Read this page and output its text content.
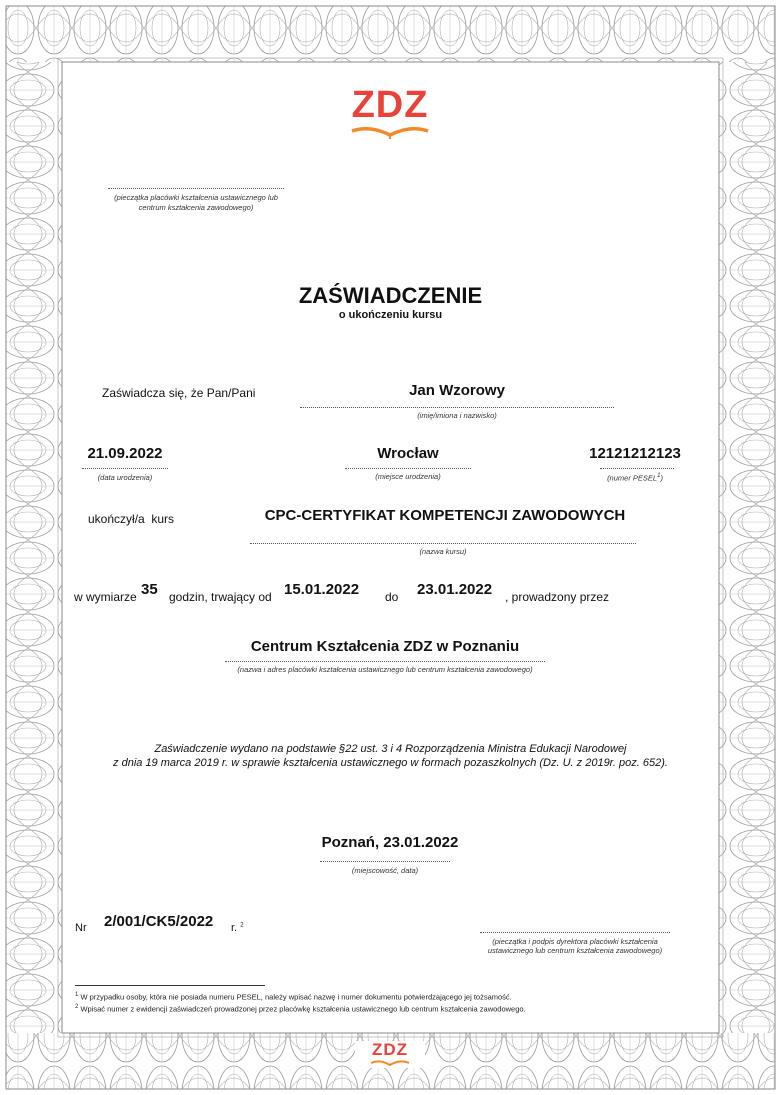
ZDZ
(pieczątka placówki kształcenia ustawicznego lub centrum kształcenia zawodowego)
ZAŚWIADCZENIE
o ukończeniu kursu
Zaświadcza się, że Pan/Pani	Jan Wzorowy
(imię/imiona i nazwisko)
21.09.2022
(data urodzenia)
Wrocław
(miejsce urodzenia)
12121212123
(numer PESEL$^1$)
ukończył/a  kurs	CPC-CERTYFIKAT KOMPETENCJI ZAWODOWYCH
(nazwa kursu)
w wymiarze 35 godzin, trwający od 15.01.2022 do 23.01.2022 , prowadzony przez
Centrum Kształcenia ZDZ w Poznaniu
(nazwa i adres placówki kształcenia ustawicznego lub centrum kształcenia zawodowego)
Zaświadczenie wydano na podstawie §22 ust. 3 i 4 Rozporządzenia Ministra Edukacji Narodowej
z dnia 19 marca 2019 r. w sprawie kształcenia ustawicznego w formach pozaszkolnych (Dz. U. z 2019r. poz. 652).
Poznań, 23.01.2022
(miejscowość, data)
Nr 2/001/CK5/2022 r. $^2$
(pieczątka i podpis dyrektora placówki kształcenia
ustawicznego lub centrum kształcenia zawodowego)
$^1$ W przypadku osoby, która nie posiada numeru PESEL, należy wpisać nazwę i numer dokumentu potwierdzającego jej tożsamość.
$^2$ Wpisać numer z ewidencji zaświadczeń prowadzonej przez placówkę kształcenia ustawicznego lub centrum kształcenia zawodowego.
ZDZ
